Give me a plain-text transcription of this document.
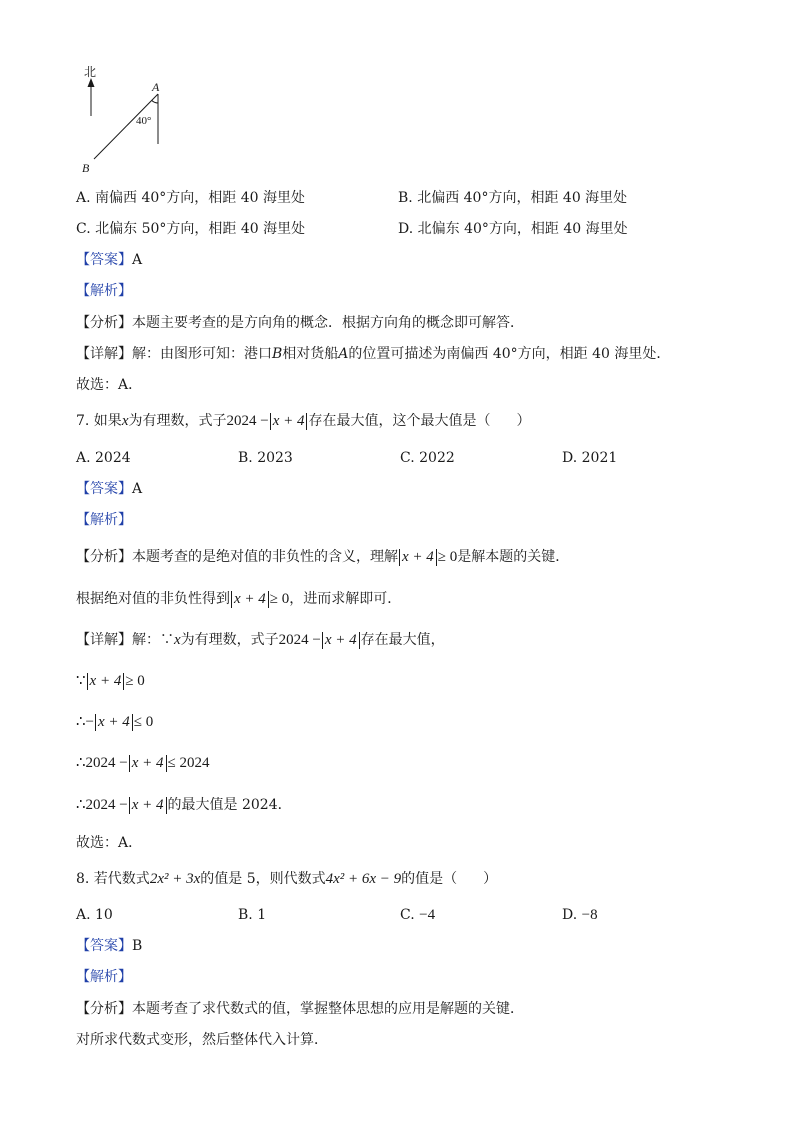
北
A
B
40°
A. 南偏西 40°方向，相距 40 海里处	B. 北偏西 40°方向，相距 40 海里处
C. 北偏东 50°方向，相距 40 海里处	D. 北偏东 40°方向，相距 40 海里处
【答案】A
【解析】
【分析】本题主要考查的是方向角的概念．根据方向角的概念即可解答．
【详解】解：由图形可知：港口B相对货船A的位置可描述为南偏西 40°方向，相距 40 海里处．
故选：A．
7. 如果x为有理数，式子2024 − x + 4 存在最大值，这个最大值是（ ）
A. 2024	B. 2023	C. 2022	D. 2021
【答案】A
【解析】
【分析】本题考查的是绝对值的非负性的含义，理解 x + 4 ≥ 0是解本题的关键．
根据绝对值的非负性得到 x + 4 ≥ 0，进而求解即可．
【详解】解：∵x为有理数，式子2024 − x + 4 存在最大值，
∵ x + 4 ≥ 0
∴− x + 4 ≤ 0
∴2024 − x + 4 ≤ 2024
∴2024 − x + 4 的最大值是 2024．
故选：A．
8. 若代数式2x² + 3x的值是 5，则代数式4x² + 6x − 9的值是（ ）
A. 10	B. 1	C. −4	D. −8
【答案】B
【解析】
【分析】本题考查了求代数式的值，掌握整体思想的应用是解题的关键．
对所求代数式变形，然后整体代入计算．
